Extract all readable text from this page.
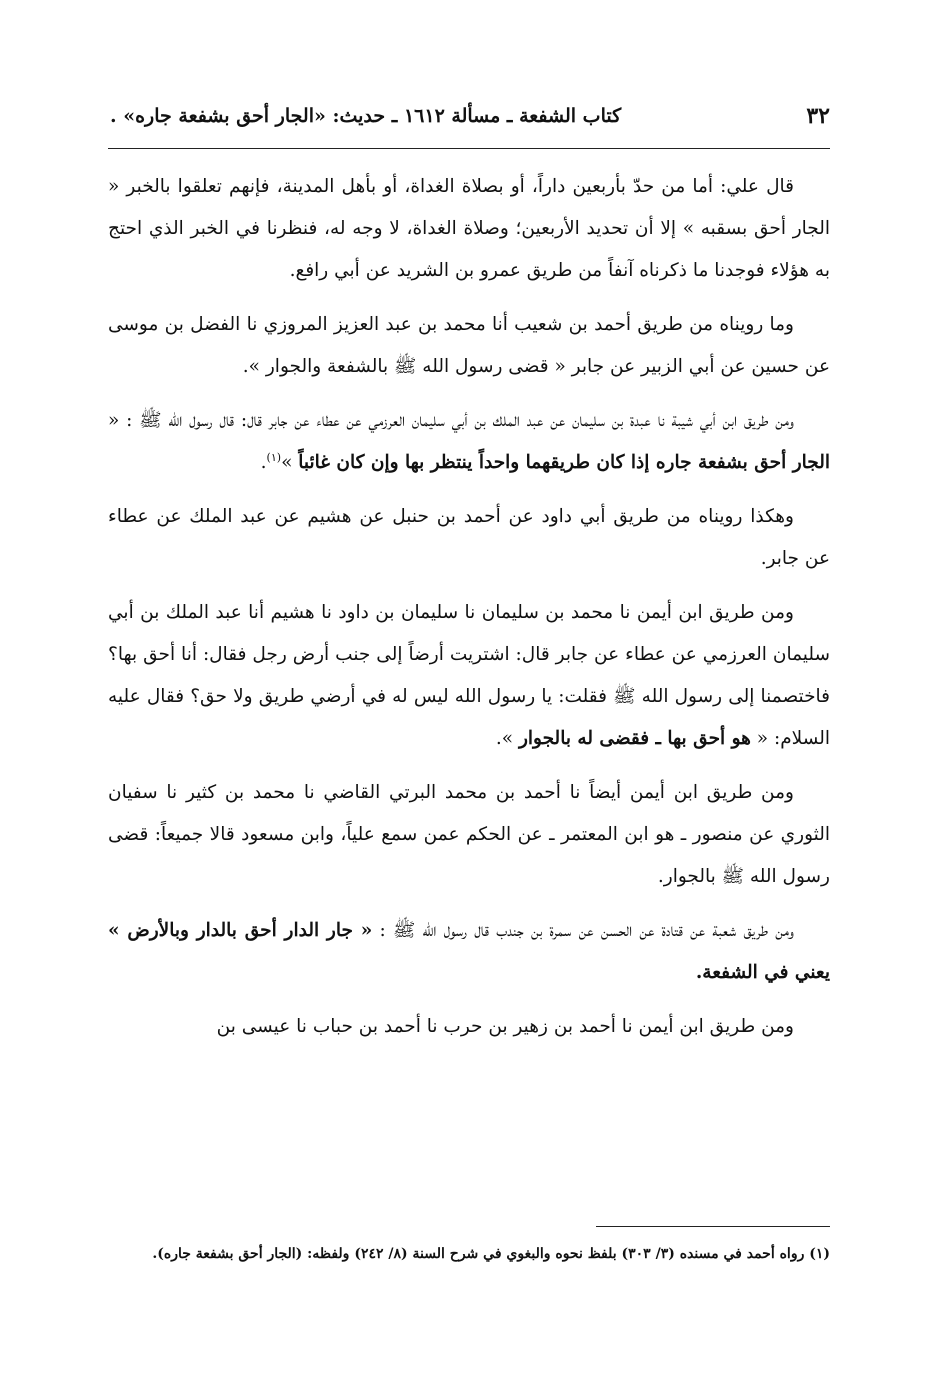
٣٢
كتاب الشفعة ـ مسألة ١٦١٢ ـ حديث: «الجار أحق بشفعة جاره» .

قال علي: أما من حدّ بأربعين داراً، أو بصلاة الغداة، أو بأهل المدينة، فإنهم تعلقوا بالخبر « الجار أحق بسقبه » إلا أن تحديد الأربعين؛ وصلاة الغداة، لا وجه له، فنظرنا في الخبر الذي احتج به هؤلاء فوجدنا ما ذكرناه آنفاً من طريق عمرو بن الشريد عن أبي رافع.

وما رويناه من طريق أحمد بن شعيب أنا محمد بن عبد العزيز المروزي نا الفضل بن موسى عن حسين عن أبي الزبير عن جابر « قضى رسول الله ﷺ بالشفعة والجوار ».

ومن طريق ابن أبي شيبة نا عبدة بن سليمان عن عبد الملك بن أبي سليمان العرزمي عن عطاء عن جابر قال: قال رسول الله ﷺ : « الجار أحق بشفعة جاره إذا كان طريقهما واحداً ينتظر بها وإن كان غائباً »$^{(١)}$.

وهكذا رويناه من طريق أبي داود عن أحمد بن حنبل عن هشيم عن عبد الملك عن عطاء عن جابر.

ومن طريق ابن أيمن نا محمد بن سليمان نا سليمان بن داود نا هشيم أنا عبد الملك بن أبي سليمان العرزمي عن عطاء عن جابر قال: اشتريت أرضاً إلى جنب أرض رجل فقال: أنا أحق بها؟ فاختصمنا إلى رسول الله ﷺ فقلت: يا رسول الله ليس له في أرضي طريق ولا حق؟ فقال عليه السلام: « هو أحق بها ـ فقضى له بالجوار ».

ومن طريق ابن أيمن أيضاً نا أحمد بن محمد البرتي القاضي نا محمد بن كثير نا سفيان الثوري عن منصور ـ هو ابن المعتمر ـ عن الحكم عمن سمع علياً، وابن مسعود قالا جميعاً: قضى رسول الله ﷺ بالجوار.

ومن طريق شعبة عن قتادة عن الحسن عن سمرة بن جندب قال رسول الله ﷺ : « جار الدار أحق بالدار وبالأرض » يعني في الشفعة.

ومن طريق ابن أيمن نا أحمد بن زهير بن حرب نا أحمد بن حباب نا عيسى بن

(١) رواه أحمد في مسنده (٣/ ٣٠٣) بلفظ نحوه والبغوي في شرح السنة (٨/ ٢٤٢) ولفظه: (الجار أحق بشفعة جاره).
